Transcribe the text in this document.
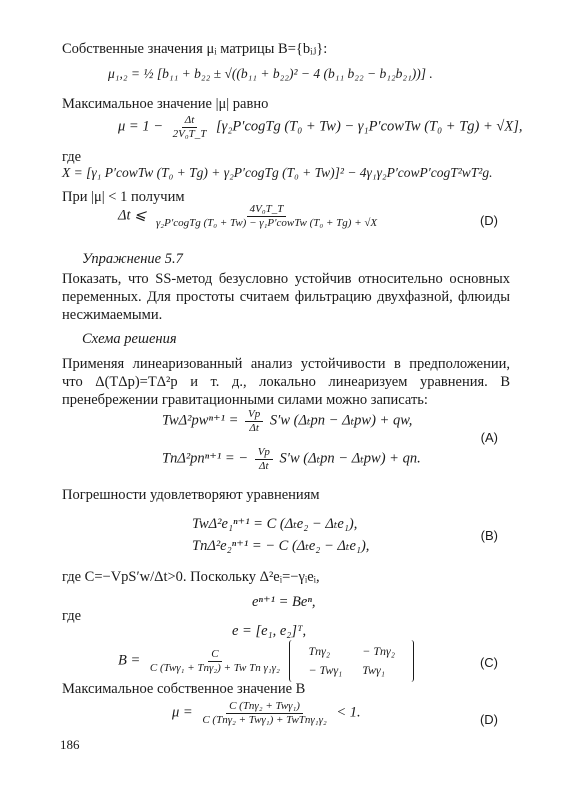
Собственные значения μᵢ матрицы B={bᵢⱼ}:
μ₁,₂ = ½ [b₁₁ + b₂₂ ± √((b₁₁ + b₂₂)² − 4 (b₁₁ b₂₂ − b₁₂b₂₁))] .
Максимальное значение |μ| равно
$\mu = 1 - \frac{\Delta t}{\text{2V₀T\_T}}$ [γ₂P′cogTg (T₀ + Tw) − γ₁P′cowTw (T₀ + Tg) + √X],
где
X = [γ₁ P′cowTw (T₀ + Tg) + γ₂P′cogTg (T₀ + Tw)]² − 4γ₁γ₂P′cowP′cogT²wT²g.
При |μ| < 1 получим
Δt ⩽ $\frac{\text{4V₀T\_T}}{\text{γ₂P′cogTg (T₀ + Tw) − γ₁P′cowTw (T₀ + Tg) + √X}}$	(D)
Упражнение 5.7
Показать, что SS-метод безусловно устойчив относительно основных переменных. Для простоты считаем фильтрацию двухфазной, флюиды несжимаемыми.
Схема решения
Применяя линеаризованный анализ устойчивости в предположении, что Δ(TΔp)=TΔ²p и т. д., локально линеаризуем уравнения. В пренебрежении гравитационными силами можно записать:
$Tw\Delta^2pw^{n+1} = \frac{Vp}{\Delta t} S'w$ (Δₜpn − Δₜpw) + qw,
(A)
TnΔ²pnⁿ⁺¹ = − $\frac{Vp}{\Delta t} S'w$ (Δₜpn − Δₜpw) + qn.
Погрешности удовлетворяют уравнениям
TwΔ²e₁ⁿ⁺¹ = C (Δₜe₂ − Δₜe₁),
TnΔ²e₂ⁿ⁺¹ = − C (Δₜe₂ − Δₜe₁),
(B)
где C=−VpS′w/Δt>0. Поскольку Δ²eᵢ=−γᵢeᵢ,
eⁿ⁺¹ = Beⁿ,
где
e = [e₁, e₂]ᵀ,
$B = \frac{C}{\text{C (Twγ₁ + Tnγ₂) + Tw Tn γ₁γ₂}}$
Tnγ₂	− Tnγ₂
− Twγ₁	Twγ₁
(C)
Максимальное собственное значение B
$\mu = \frac{\text{C (Tnγ₂ + Twγ₁)}}{\text{C (Tnγ₂ + Twγ₁) + TwTnγ₁γ₂}} < 1$.	(D)
186
